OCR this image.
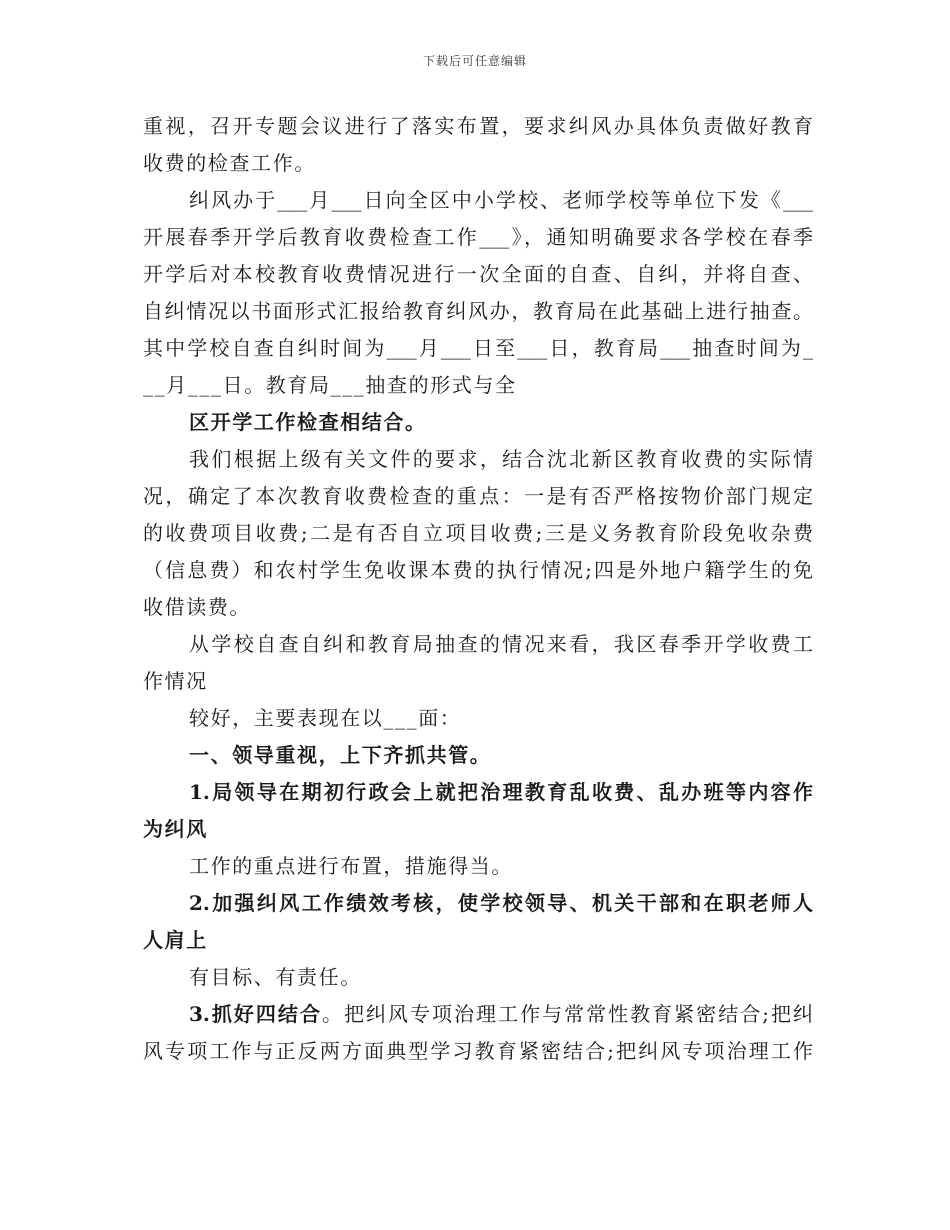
下载后可任意编辑
重视，召开专题会议进行了落实布置，要求纠风办具体负责做好教育
收费的检查工作。
纠风办于___月___日向全区中小学校、老师学校等单位下发《___
开展春季开学后教育收费检查工作___》，通知明确要求各学校在春季
开学后对本校教育收费情况进行一次全面的自查、自纠，并将自查、
自纠情况以书面形式汇报给教育纠风办，教育局在此基础上进行抽查。
其中学校自查自纠时间为___月___日至___日，教育局___抽查时间为_
__月___日。教育局___抽查的形式与全
区开学工作检查相结合。
我们根据上级有关文件的要求，结合沈北新区教育收费的实际情
况，确定了本次教育收费检查的重点：一是有否严格按物价部门规定
的收费项目收费;二是有否自立项目收费;三是义务教育阶段免收杂费
（信息费）和农村学生免收课本费的执行情况;四是外地户籍学生的免
收借读费。
从学校自查自纠和教育局抽查的情况来看，我区春季开学收费工
作情况
较好，主要表现在以___面：
一、领导重视，上下齐抓共管。
1.局领导在期初行政会上就把治理教育乱收费、乱办班等内容作
为纠风
工作的重点进行布置，措施得当。
2.加强纠风工作绩效考核，使学校领导、机关干部和在职老师人
人肩上
有目标、有责任。
3.抓好四结合。把纠风专项治理工作与常常性教育紧密结合;把纠
风专项工作与正反两方面典型学习教育紧密结合;把纠风专项治理工作
